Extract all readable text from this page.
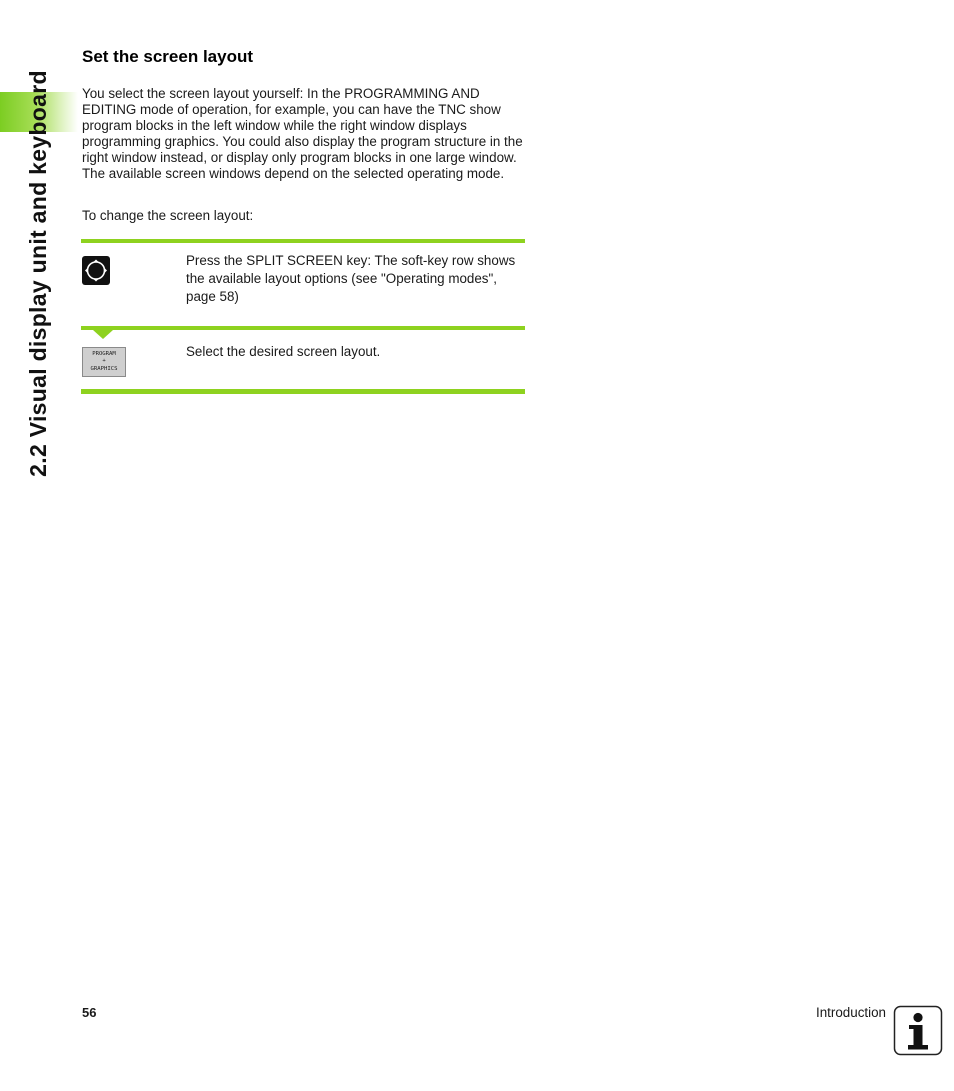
2.2 Visual display unit and keyboard
Set the screen layout

You select the screen layout yourself: In the PROGRAMMING AND EDITING mode of operation, for example, you can have the TNC show program blocks in the left window while the right window displays programming graphics. You could also display the program structure in the right window instead, or display only program blocks in one large window. The available screen windows depend on the selected operating mode.

To change the screen layout:

Press the SPLIT SCREEN key: The soft-key row shows the available layout options (see "Operating modes", page 58)

PROGRAM
+
GRAPHICS

Select the desired screen layout.

56	Introduction
